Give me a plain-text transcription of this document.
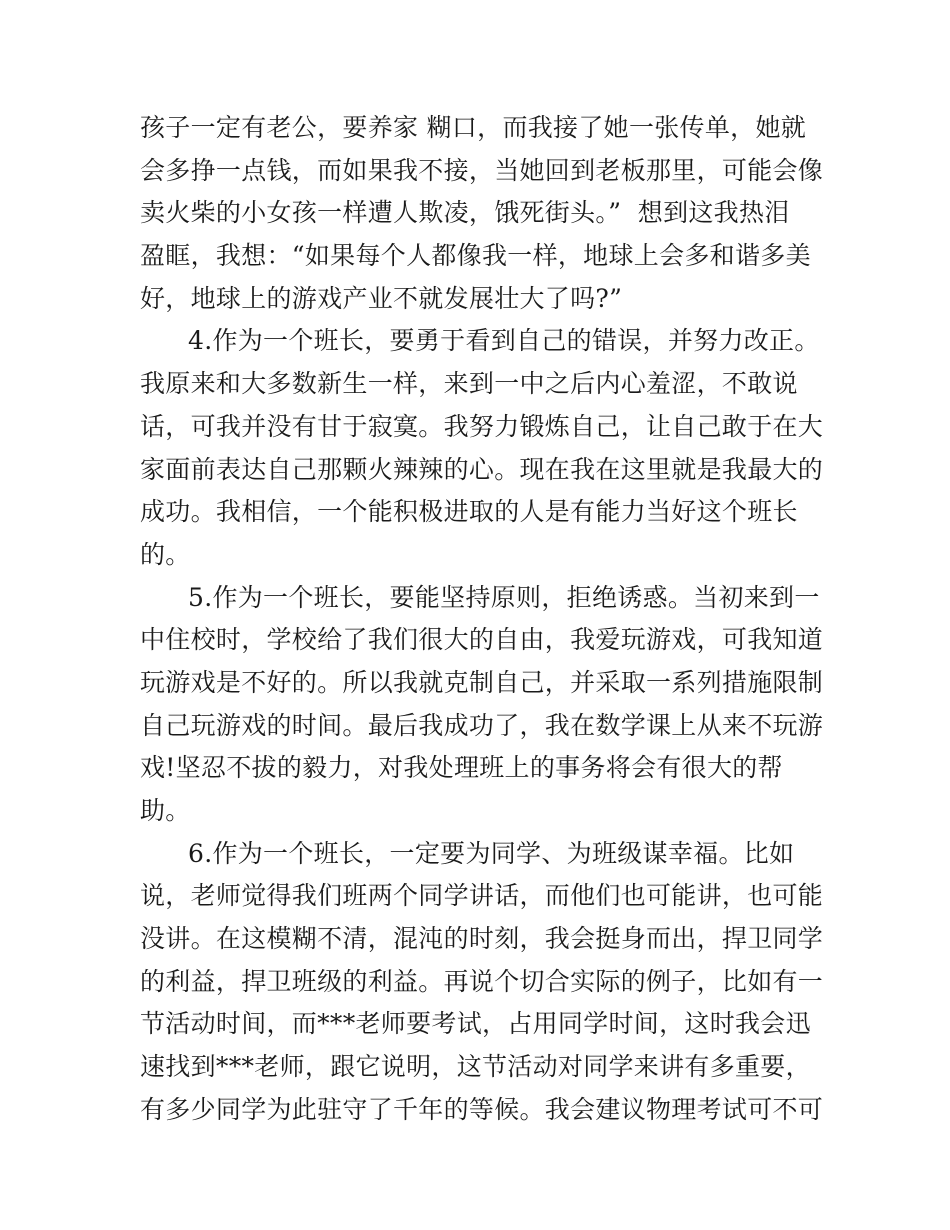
孩子一定有老公，要养家 糊口，而我接了她一张传单，她就
会多挣一点钱，而如果我不接，当她回到老板那里，可能会像
卖火柴的小女孩一样遭人欺凌，饿死街头。”  想到这我热泪
盈眶，我想：“如果每个人都像我一样，地球上会多和谐多美
好，地球上的游戏产业不就发展壮大了吗?”
4.作为一个班长，要勇于看到自己的错误，并努力改正。
我原来和大多数新生一样，来到一中之后内心羞涩，不敢说
话，可我并没有甘于寂寞。我努力锻炼自己，让自己敢于在大
家面前表达自己那颗火辣辣的心。现在我在这里就是我最大的
成功。我相信，一个能积极进取的人是有能力当好这个班长
的。
5.作为一个班长，要能坚持原则，拒绝诱惑。当初来到一
中住校时，学校给了我们很大的自由，我爱玩游戏，可我知道
玩游戏是不好的。所以我就克制自己，并采取一系列措施限制
自己玩游戏的时间。最后我成功了，我在数学课上从来不玩游
戏!坚忍不拔的毅力，对我处理班上的事务将会有很大的帮
助。
6.作为一个班长，一定要为同学、为班级谋幸福。比如
说，老师觉得我们班两个同学讲话，而他们也可能讲，也可能
没讲。在这模糊不清，混沌的时刻，我会挺身而出，捍卫同学
的利益，捍卫班级的利益。再说个切合实际的例子，比如有一
节活动时间，而***老师要考试，占用同学时间，这时我会迅
速找到***老师，跟它说明，这节活动对同学来讲有多重要，
有多少同学为此驻守了千年的等候。我会建议物理考试可不可
